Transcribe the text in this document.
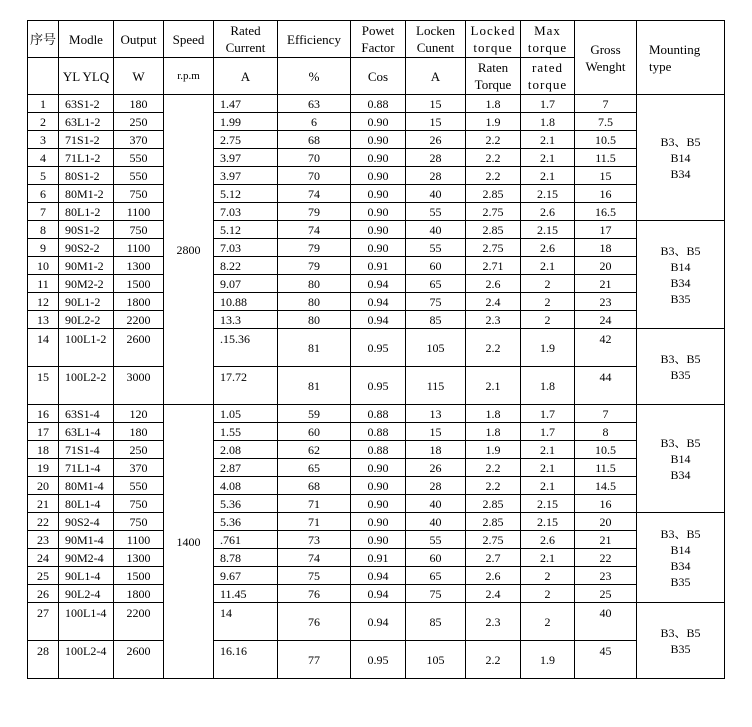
序号	Modle	Output	Speed	Rated Current	Efficiency	Powet Factor	Locken Cunent	Locked torque	Max torque	Gross Wenght	Mounting type
	YL YLQ	W	r.p.m	A	%	Cos	A	Raten Torque	rated torque		
1	63S1-2	180	2800	1.47	63	0.88	15	1.8	1.7	7	B3、B5
B14
B34
2	63L1-2	250		1.99	6	0.90	15	1.9	1.8	7.5	
3	71S1-2	370		2.75	68	0.90	26	2.2	2.1	10.5	
4	71L1-2	550		3.97	70	0.90	28	2.2	2.1	11.5	
5	80S1-2	550		3.97	70	0.90	28	2.2	2.1	15	
6	80M1-2	750		5.12	74	0.90	40	2.85	2.15	16	
7	80L1-2	1100		7.03	79	0.90	55	2.75	2.6	16.5	
8	90S1-2	750		5.12	74	0.90	40	2.85	2.15	17	B3、B5
B14
B34
B35
9	90S2-2	1100		7.03	79	0.90	55	2.75	2.6	18	
10	90M1-2	1300		8.22	79	0.91	60	2.71	2.1	20	
11	90M2-2	1500		9.07	80	0.94	65	2.6	2	21	
12	90L1-2	1800		10.88	80	0.94	75	2.4	2	23	
13	90L2-2	2200		13.3	80	0.94	85	2.3	2	24	
14	100L1-2	2600		.15.36	81	0.95	105	2.2	1.9	42	B3、B5
B35
15	100L2-2	3000		17.72	81	0.95	115	2.1	1.8	44	
16	63S1-4	120	1400	1.05	59	0.88	13	1.8	1.7	7	B3、B5
B14
B34
17	63L1-4	180		1.55	60	0.88	15	1.8	1.7	8	
18	71S1-4	250		2.08	62	0.88	18	1.9	2.1	10.5	
19	71L1-4	370		2.87	65	0.90	26	2.2	2.1	11.5	
20	80M1-4	550		4.08	68	0.90	28	2.2	2.1	14.5	
21	80L1-4	750		5.36	71	0.90	40	2.85	2.15	16	
22	90S2-4	750		5.36	71	0.90	40	2.85	2.15	20	B3、B5
B14
B34
B35
23	90M1-4	1100		.761	73	0.90	55	2.75	2.6	21	
24	90M2-4	1300		8.78	74	0.91	60	2.7	2.1	22	
25	90L1-4	1500		9.67	75	0.94	65	2.6	2	23	
26	90L2-4	1800		11.45	76	0.94	75	2.4	2	25	
27	100L1-4	2200		14	76	0.94	85	2.3	2	40	B3、B5
B35
28	100L2-4	2600		16.16	77	0.95	105	2.2	1.9	45	
